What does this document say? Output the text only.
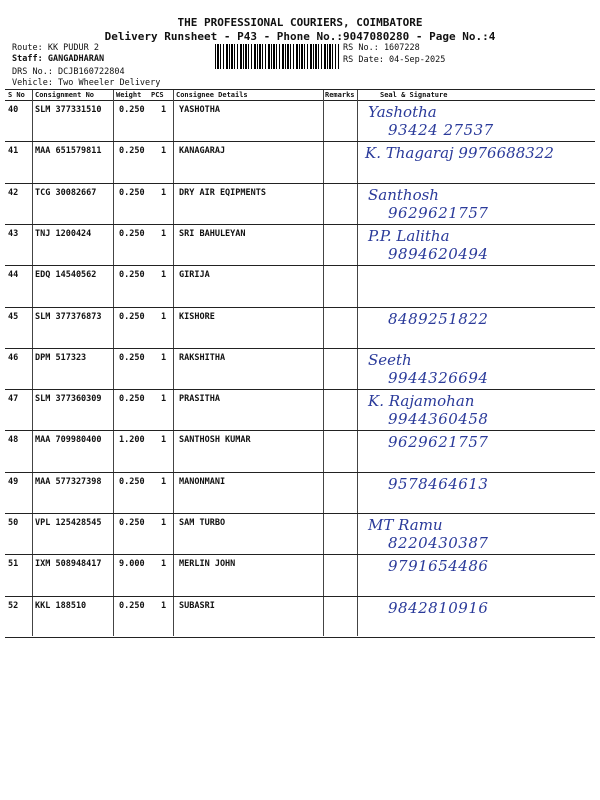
THE PROFESSIONAL COURIERS, COIMBATORE
Delivery Runsheet - P43 - Phone No.:9047080280 - Page No.:4
Route: KK PUDUR 2
Staff: GANGADHARAN
DRS No.: DCJB160722804
Vehicle: Two Wheeler Delivery
RS No.: 1607228
RS Date: 04-Sep-2025
S No Consignment No	Weight PCS Consignee Details	Remarks	Seal & Signature
40 SLM 377331510 0.250 1 YASHOTHA	Yashotha
93424 27537
41 MAA 651579811 0.250 1 KANAGARAJ	K. Thagaraj 9976688322
42 TCG 30082667	0.250 1 DRY AIR EQIPMENTS	Santhosh
9629621757
43 TNJ 1200424	0.250 1 SRI BAHULEYAN	P.P. Lalitha
9894620494
44 EDQ 14540562	0.250 1 GIRIJA
45 SLM 377376873 0.250 1 KISHORE	8489251822
46 DPM 517323	0.250 1 RAKSHITHA	Seeth
9944326694
47 SLM 377360309 0.250 1 PRASITHA	K. Rajamohan
9944360458
48 MAA 709980400 1.200 1 SANTHOSH KUMAR	9629621757
49 MAA 577327398 0.250 1 MANONMANI	9578464613
50 VPL 125428545 0.250 1 SAM TURBO	MT Ramu
8220430387
51 IXM 508948417 9.000 1 MERLIN JOHN	9791654486
52 KKL 188510	0.250 1 SUBASRI	9842810916
